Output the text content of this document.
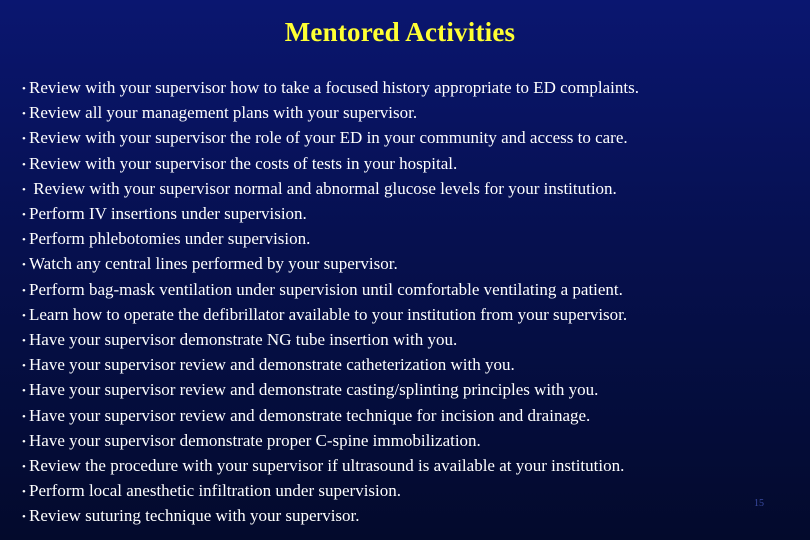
Mentored Activities
• Review with your supervisor how to take a focused history appropriate to ED complaints.
• Review all your management plans with your supervisor.
• Review with your supervisor the role of your ED in your community and access to care.
• Review with your supervisor the costs of tests in your hospital.
• Review with your supervisor normal and abnormal glucose levels for your institution.
• Perform IV insertions under supervision.
• Perform phlebotomies under supervision.
• Watch any central lines performed by your supervisor.
• Perform bag-mask ventilation under supervision until comfortable ventilating a patient.
• Learn how to operate the defibrillator available to your institution from your supervisor.
• Have your supervisor demonstrate NG tube insertion with you.
• Have your supervisor review and demonstrate catheterization with you.
• Have your supervisor review and demonstrate casting/splinting principles with you.
• Have your supervisor review and demonstrate technique for incision and drainage.
• Have your supervisor demonstrate proper C-spine immobilization.
• Review the procedure with your supervisor if ultrasound is available at your institution.
• Perform local anesthetic infiltration under supervision.
• Review suturing technique with your supervisor.
15
